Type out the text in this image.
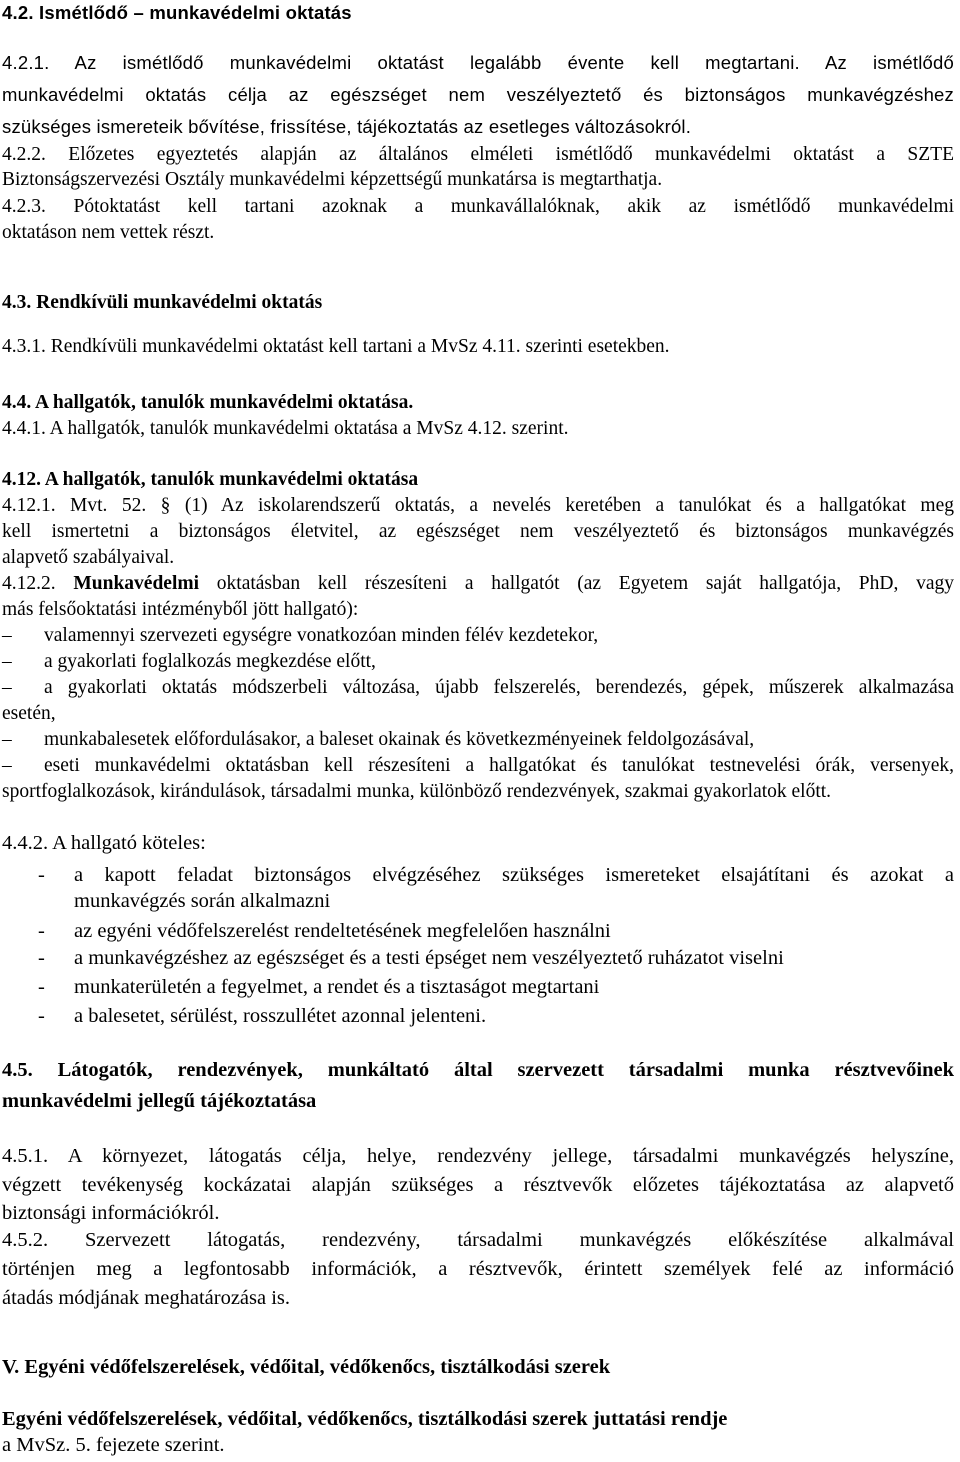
4.2. Ismétlődő – munkavédelmi oktatás

4.2.1. Az ismétlődő munkavédelmi oktatást legalább évente kell megtartani. Az ismétlődő

munkavédelmi oktatás célja az egészséget nem veszélyeztető és biztonságos munkavégzéshez

szükséges ismereteik bővítése, frissítése, tájékoztatás az esetleges változásokról.

4.2.2. Előzetes egyeztetés alapján az általános elméleti ismétlődő munkavédelmi oktatást a SZTE

Biztonságszervezési Osztály munkavédelmi képzettségű munkatársa is megtarthatja.

4.2.3. Pótoktatást kell tartani azoknak a munkavállalóknak, akik az ismétlődő munkavédelmi

oktatáson nem vettek részt.

4.3. Rendkívüli munkavédelmi oktatás

4.3.1. Rendkívüli munkavédelmi oktatást kell tartani a MvSz 4.11. szerinti esetekben.

4.4. A hallgatók, tanulók munkavédelmi oktatása.

4.4.1. A hallgatók, tanulók munkavédelmi oktatása a MvSz 4.12. szerint.

4.12. A hallgatók, tanulók munkavédelmi oktatása

4.12.1. Mvt. 52. § (1) Az iskolarendszerű oktatás, a nevelés keretében a tanulókat és a hallgatókat meg

kell ismertetni a biztonságos életvitel, az egészséget nem veszélyeztető és biztonságos munkavégzés

alapvető szabályaival.

4.12.2. Munkavédelmi oktatásban kell részesíteni a hallgatót (az Egyetem saját hallgatója, PhD, vagy

más felsőoktatási intézményből jött hallgató):

– valamennyi szervezeti egységre vonatkozóan minden félév kezdetekor,

– a gyakorlati foglalkozás megkezdése előtt,

– a gyakorlati oktatás módszerbeli változása, újabb felszerelés, berendezés, gépek, műszerek alkalmazása

esetén,

– munkabalesetek előfordulásakor, a baleset okainak és következményeinek feldolgozásával,

– eseti munkavédelmi oktatásban kell részesíteni a hallgatókat és tanulókat testnevelési órák, versenyek,

sportfoglalkozások, kirándulások, társadalmi munka, különböző rendezvények, szakmai gyakorlatok előtt.

4.4.2. A hallgató köteles:

- a kapott feladat biztonságos elvégzéséhez szükséges ismereteket elsajátítani és azokat a

munkavégzés során alkalmazni

- az egyéni védőfelszerelést rendeltetésének megfelelően használni

- a munkavégzéshez az egészséget és a testi épséget nem veszélyeztető ruházatot viselni

- munkaterületén a fegyelmet, a rendet és a tisztaságot megtartani

- a balesetet, sérülést, rosszullétet azonnal jelenteni.

4.5. Látogatók, rendezvények, munkáltató által szervezett társadalmi munka résztvevőinek

munkavédelmi jellegű tájékoztatása

4.5.1. A környezet, látogatás célja, helye, rendezvény jellege, társadalmi munkavégzés helyszíne,

végzett tevékenység kockázatai alapján szükséges a résztvevők előzetes tájékoztatása az alapvető

biztonsági információkról.

4.5.2. Szervezett látogatás, rendezvény, társadalmi munkavégzés előkészítése alkalmával

történjen meg a legfontosabb információk, a résztvevők, érintett személyek felé az információ

átadás módjának meghatározása is.

V. Egyéni védőfelszerelések, védőital, védőkenőcs, tisztálkodási szerek

Egyéni védőfelszerelések, védőital, védőkenőcs, tisztálkodási szerek juttatási rendje

a MvSz. 5. fejezete szerint.
